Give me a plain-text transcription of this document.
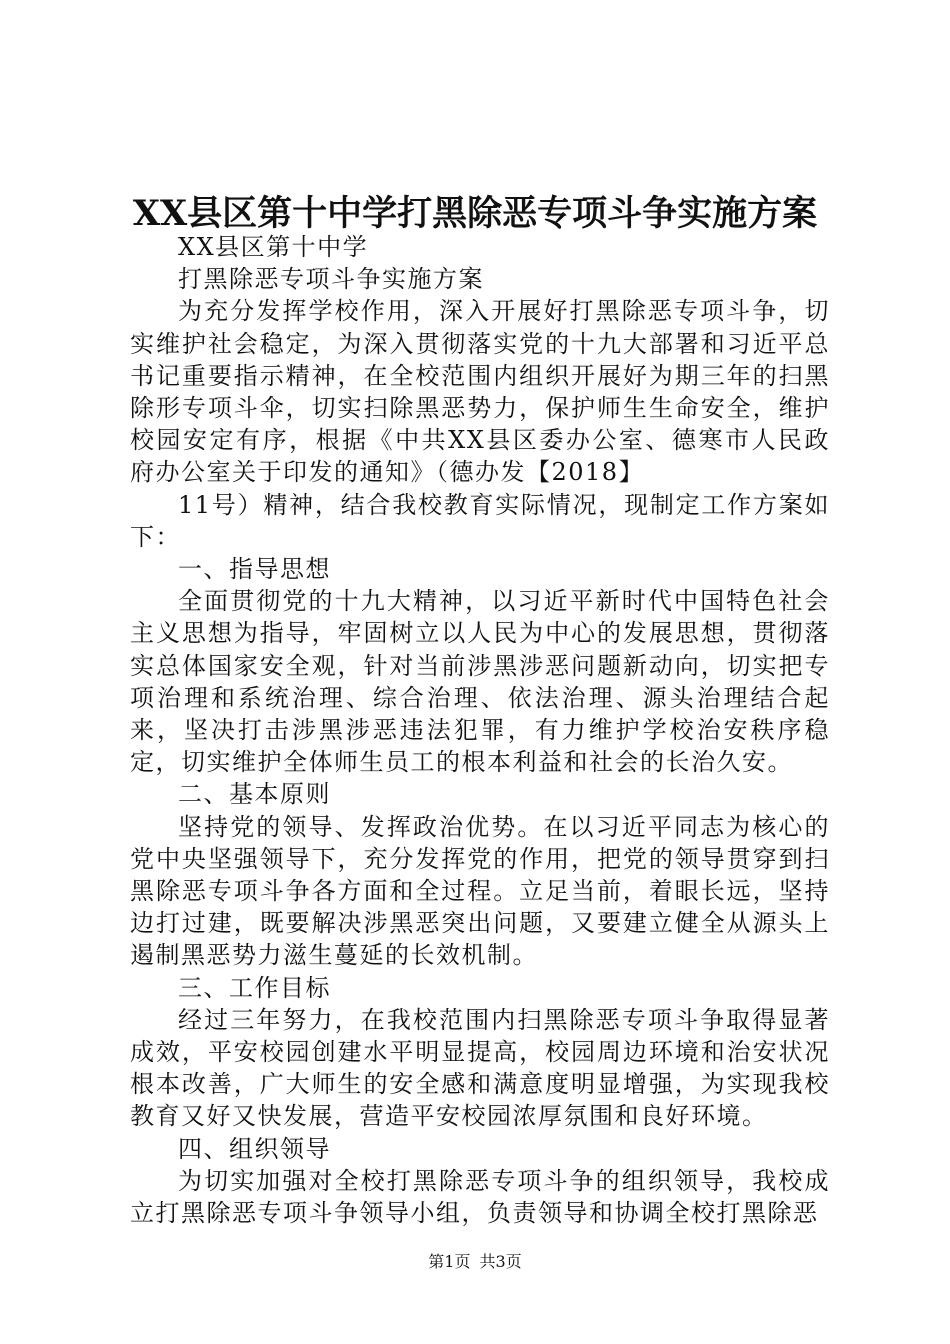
XX县区第十中学打黑除恶专项斗争实施方案

XX县区第十中学

打黑除恶专项斗争实施方案

为充分发挥学校作用，深入开展好打黑除恶专项斗争，切实维护社会稳定，为深入贯彻落实党的十九大部署和习近平总书记重要指示精神，在全校范围内组织开展好为期三年的扫黑除形专项斗伞，切实扫除黑恶势力，保护师生生命安全，维护校园安定有序，根据《中共XX县区委办公室、德寒市人民政府办公室关于印发的通知》（德办发【2018】

11号）精神，结合我校教育实际情况，现制定工作方案如下：

一、指导思想

全面贯彻党的十九大精神，以习近平新时代中国特色社会主义思想为指导，牢固树立以人民为中心的发展思想，贯彻落实总体国家安全观，针对当前涉黑涉恶问题新动向，切实把专项治理和系统治理、综合治理、依法治理、源头治理结合起来，坚决打击涉黑涉恶违法犯罪，有力维护学校治安秩序稳定，切实维护全体师生员工的根本利益和社会的长治久安。

二、基本原则

坚持党的领导、发挥政治优势。在以习近平同志为核心的党中央坚强领导下，充分发挥党的作用，把党的领导贯穿到扫黑除恶专项斗争各方面和全过程。立足当前，着眼长远，坚持边打过建，既要解决涉黑恶突出问题，又要建立健全从源头上遏制黑恶势力滋生蔓延的长效机制。

三、工作目标

经过三年努力，在我校范围内扫黑除恶专项斗争取得显著成效，平安校园创建水平明显提高，校园周边环境和治安状况根本改善，广大师生的安全感和满意度明显增强，为实现我校教育又好又快发展，营造平安校园浓厚氛围和良好环境。

四、组织领导

为切实加强对全校打黑除恶专项斗争的组织领导，我校成立打黑除恶专项斗争领导小组，负责领导和协调全校打黑除恶

第1页 共3页
